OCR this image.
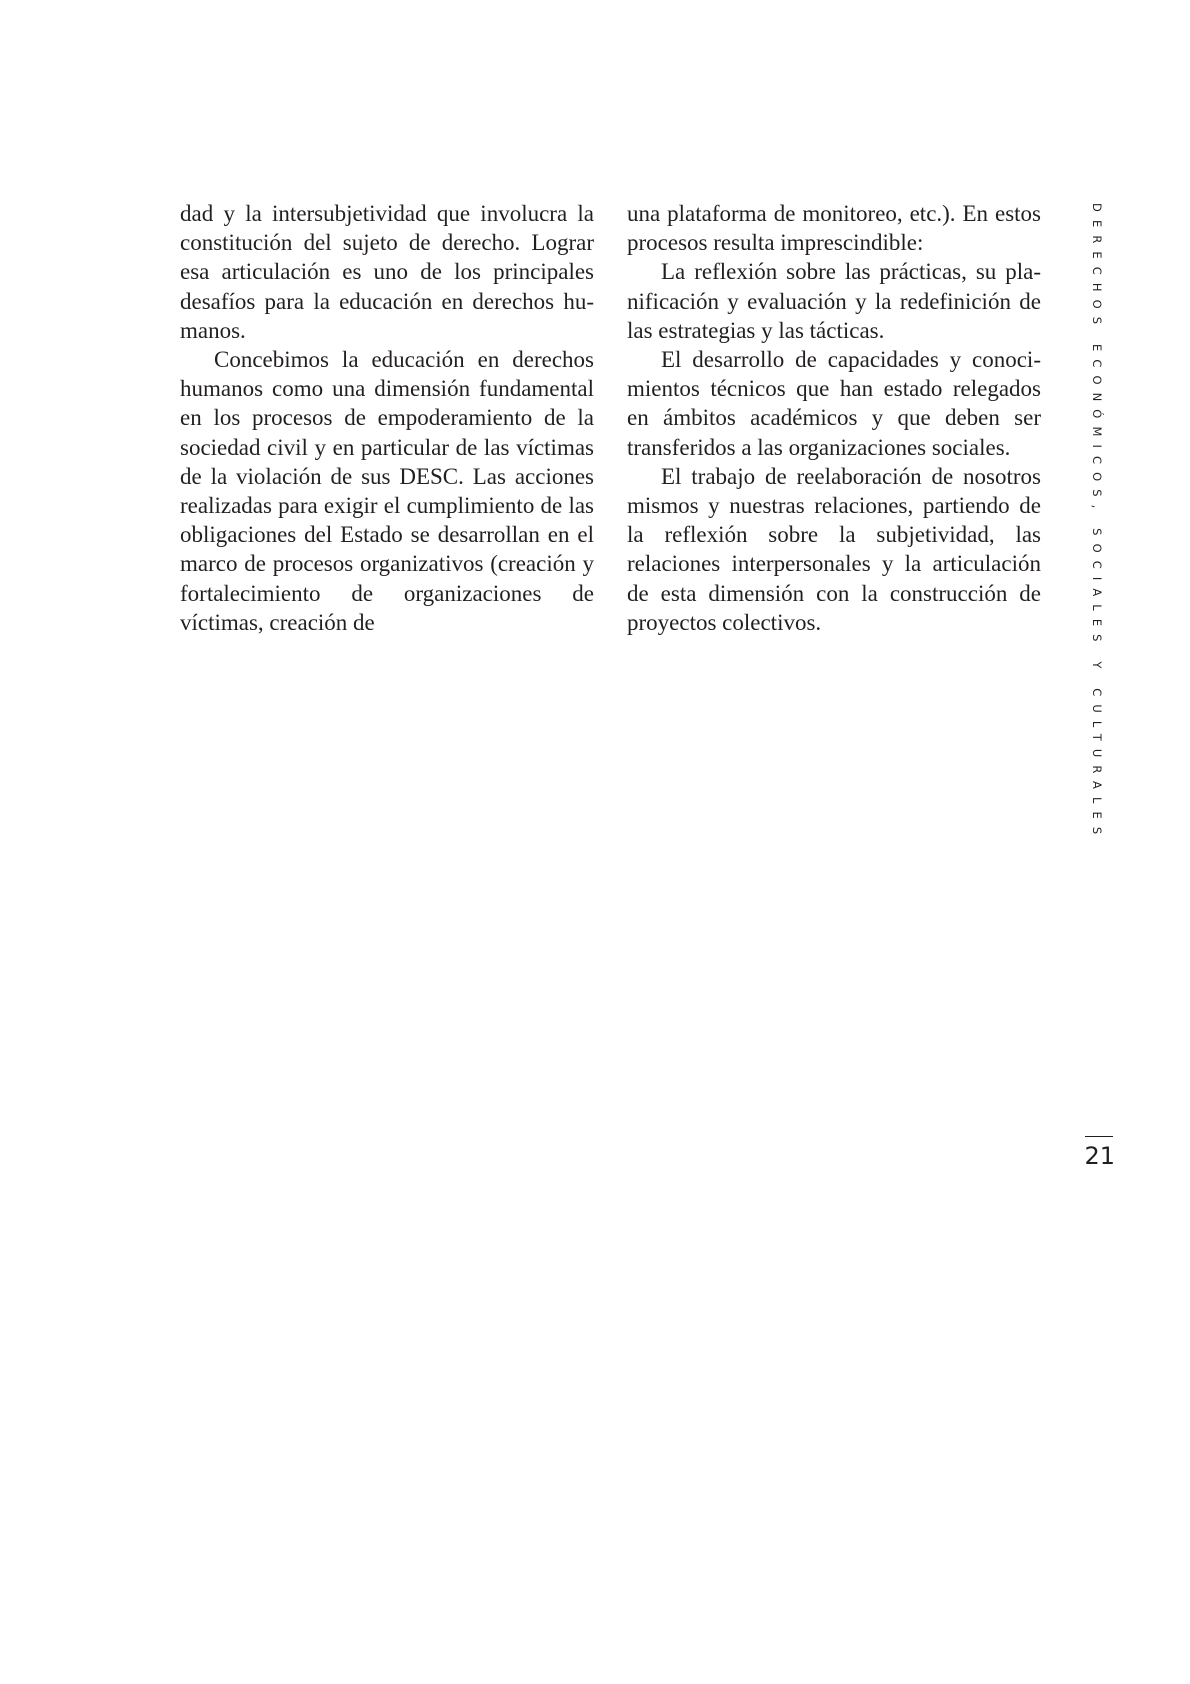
dad y la intersubjetividad que involucra la constitución del sujeto de derecho. Lograr esa articulación es uno de los principales desafíos para la educación en derechos humanos.

Concebimos la educación en derechos humanos como una dimensión fundamental en los procesos de empoderamiento de la sociedad civil y en particular de las víctimas de la violación de sus DESC. Las acciones realizadas para exigir el cumplimiento de las obligaciones del Estado se desarrollan en el marco de procesos organizativos (creación y fortalecimiento de organizaciones de víctimas, creación de

una plataforma de monitoreo, etc.). En estos procesos resulta imprescindible:

La reflexión sobre las prácticas, su planificación y evaluación y la redefinición de las estrategias y las tácticas.

El desarrollo de capacidades y conocimientos técnicos que han estado relegados en ámbitos académicos y que deben ser transferidos a las organizaciones sociales.

El trabajo de reelaboración de nosotros mismos y nuestras relaciones, partiendo de la reflexión sobre la subjetividad, las relaciones interpersonales y la articulación de esta dimensión con la construcción de proyectos colectivos.	DERECHOS ECONÓMICOS, SOCIALES Y CULTURALES
21
